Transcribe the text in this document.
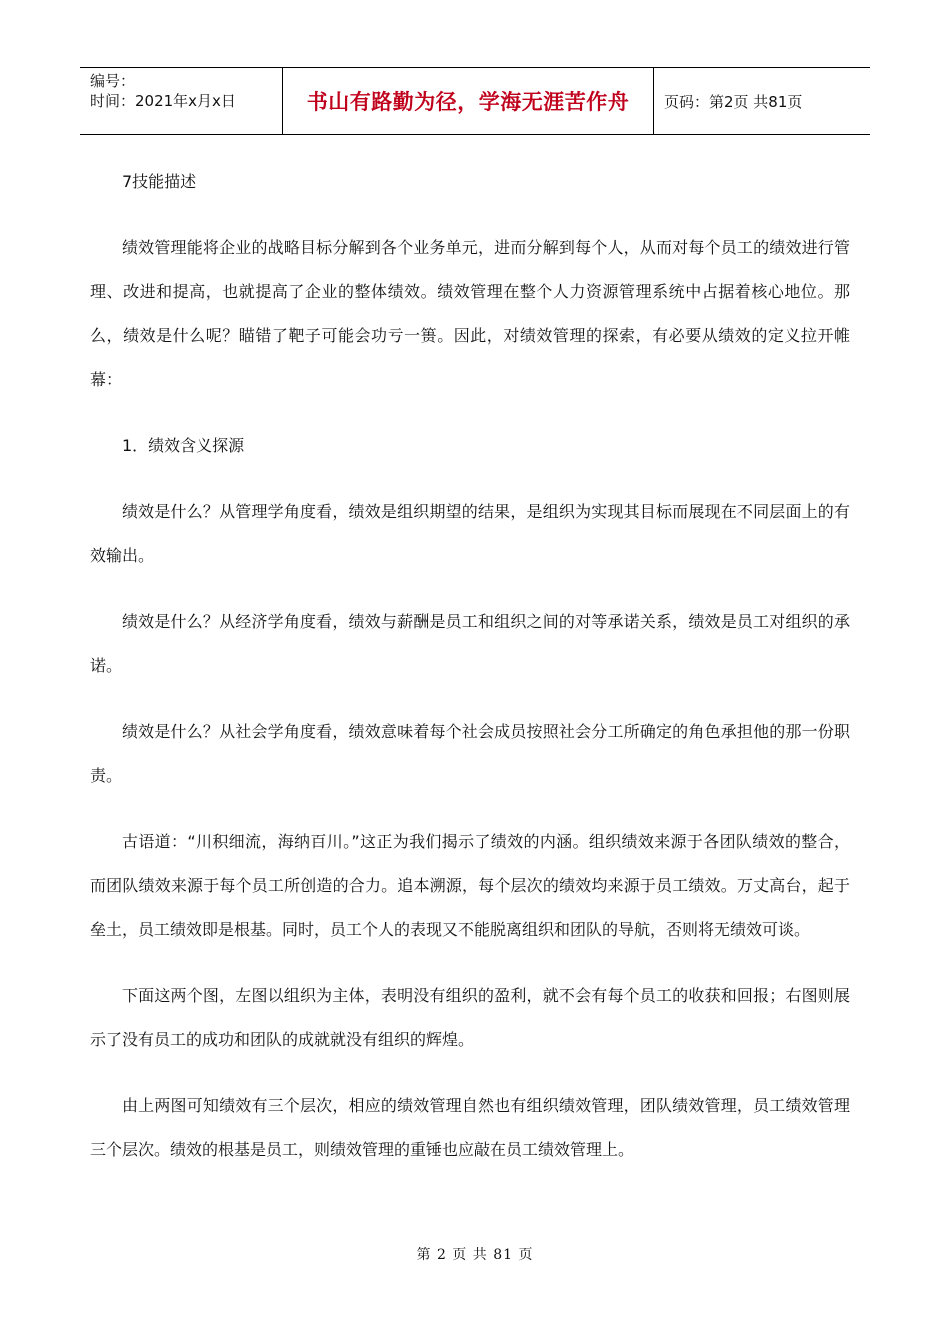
编号：
时间：2021年x月x日	书山有路勤为径，学海无涯苦作舟	页码：第2页 共81页

7技能描述

绩效管理能将企业的战略目标分解到各个业务单元，进而分解到每个人，从而对每个员工的绩效进行管理、改进和提高，也就提高了企业的整体绩效。绩效管理在整个人力资源管理系统中占据着核心地位。那么，绩效是什么呢？瞄错了靶子可能会功亏一篑。因此，对绩效管理的探索，有必要从绩效的定义拉开帷幕：

1．绩效含义探源

绩效是什么？从管理学角度看，绩效是组织期望的结果，是组织为实现其目标而展现在不同层面上的有效输出。

绩效是什么？从经济学角度看，绩效与薪酬是员工和组织之间的对等承诺关系，绩效是员工对组织的承诺。

绩效是什么？从社会学角度看，绩效意味着每个社会成员按照社会分工所确定的角色承担他的那一份职责。

古语道：“川积细流，海纳百川。”这正为我们揭示了绩效的内涵。组织绩效来源于各团队绩效的整合，而团队绩效来源于每个员工所创造的合力。追本溯源，每个层次的绩效均来源于员工绩效。万丈高台，起于垒土，员工绩效即是根基。同时，员工个人的表现又不能脱离组织和团队的导航，否则将无绩效可谈。

下面这两个图，左图以组织为主体，表明没有组织的盈利，就不会有每个员工的收获和回报；右图则展示了没有员工的成功和团队的成就就没有组织的辉煌。

由上两图可知绩效有三个层次，相应的绩效管理自然也有组织绩效管理，团队绩效管理，员工绩效管理三个层次。绩效的根基是员工，则绩效管理的重锤也应敲在员工绩效管理上。

第 2 页 共 81 页
